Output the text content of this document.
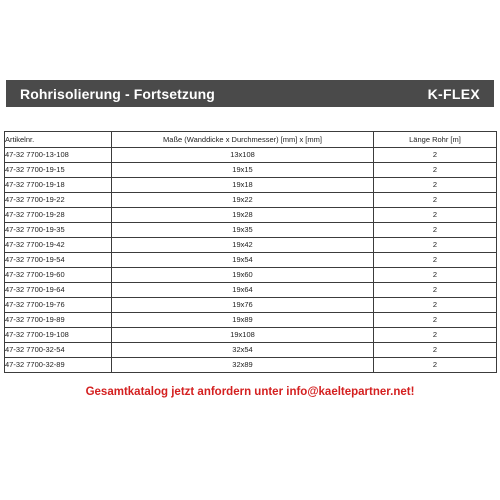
Rohrisolierung - Fortsetzung	K-FLEX
Artikelnr.	Maße (Wanddicke x Durchmesser) [mm] x [mm]	Länge Rohr [m]
47-32 7700-13-108	13x108	2
47-32 7700-19-15	19x15	2
47-32 7700-19-18	19x18	2
47-32 7700-19-22	19x22	2
47-32 7700-19-28	19x28	2
47-32 7700-19-35	19x35	2
47-32 7700-19-42	19x42	2
47-32 7700-19-54	19x54	2
47-32 7700-19-60	19x60	2
47-32 7700-19-64	19x64	2
47-32 7700-19-76	19x76	2
47-32 7700-19-89	19x89	2
47-32 7700-19-108	19x108	2
47-32 7700-32-54	32x54	2
47-32 7700-32-89	32x89	2
Gesamtkatalog jetzt anfordern unter info@kaeltepartner.net!
